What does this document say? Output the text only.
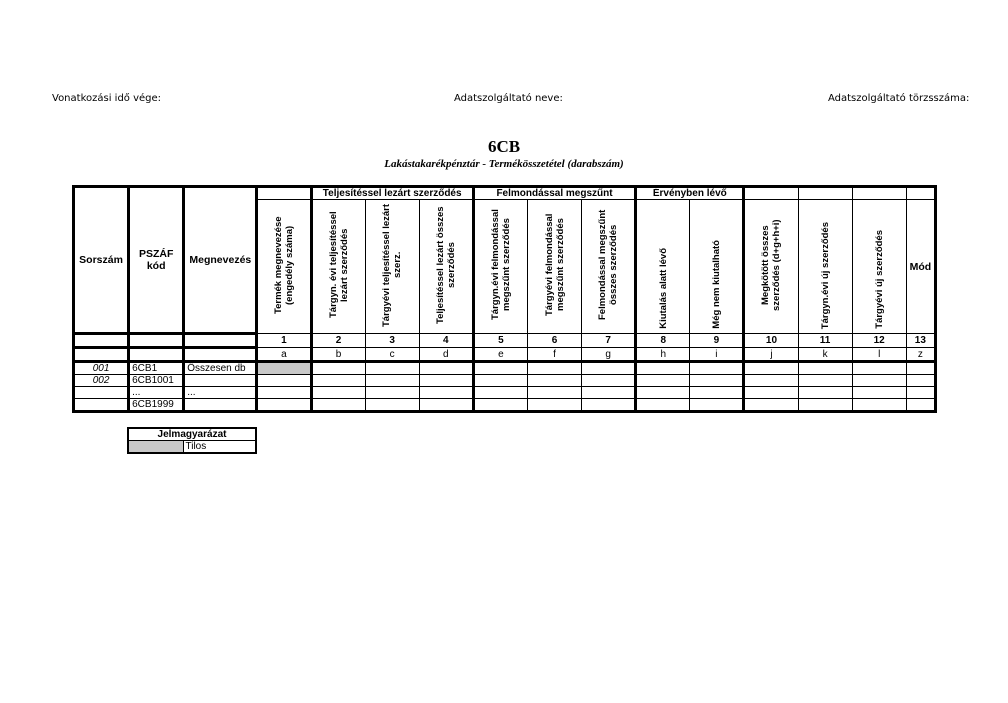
Vonatkozási idő vége:	Adatszolgáltató neve:	Adatszolgáltató törzsszáma:
6CB
Lakástakarékpénztár - Termékösszetétel (darabszám)
Sorszám	PSZÁF kód	Megnevezés		Teljesítéssel lezárt szerződés			Felmondással megszűnt			Érvényben lévő					

			Termék megnevezése (engedély száma)	Tárgyn. évi teljesítéssel lezárt szerződés	Tárgyévi teljesítéssel lezárt szerz.	Teljesítéssel lezárt összes szerződés	Tárgyn.évi felmondással megszűnt szerződés	Tárgyévi felmondással megszűnt szerződés	Felmondással megszűnt összes szerződés	Kiutalás alatt lévő	Még nem kiutalható	Megkötött összes szerződés (d+g+h+i)	Tárgyn.évi új szerződés	Tárgyévi új szerződés	Mód
			1	2	3	4	5	6	7	8	9	10	11	12	13
			a	b	c	d	e	f	g	h	i	j	k	l	z
001	6CB1	Összesen db													
002	6CB1001														
	...	...													
	6CB1999														
Jelmagyarázat
	Tilos
